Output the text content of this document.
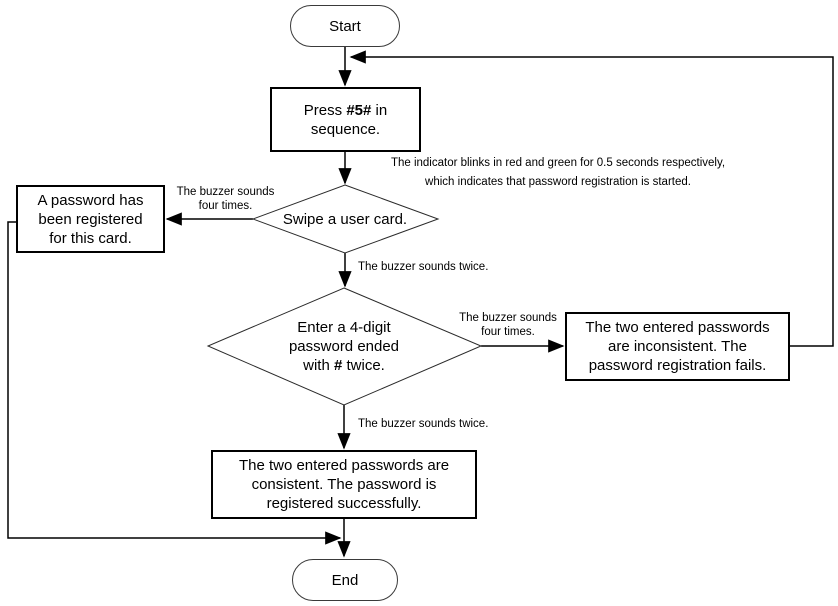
Start
Press #5# in
sequence.
The indicator blinks in red and green for 0.5 seconds respectively,
which indicates that password registration is started.
Swipe a user card.
The buzzer sounds
four times.
A password has
been registered
for this card.
The buzzer sounds twice.
Enter a 4-digit
password ended
with # twice.
The buzzer sounds
four times.	The two entered passwords
are inconsistent. The
password registration fails.
The buzzer sounds twice.
The two entered passwords are
consistent. The password is
registered successfully.
End
